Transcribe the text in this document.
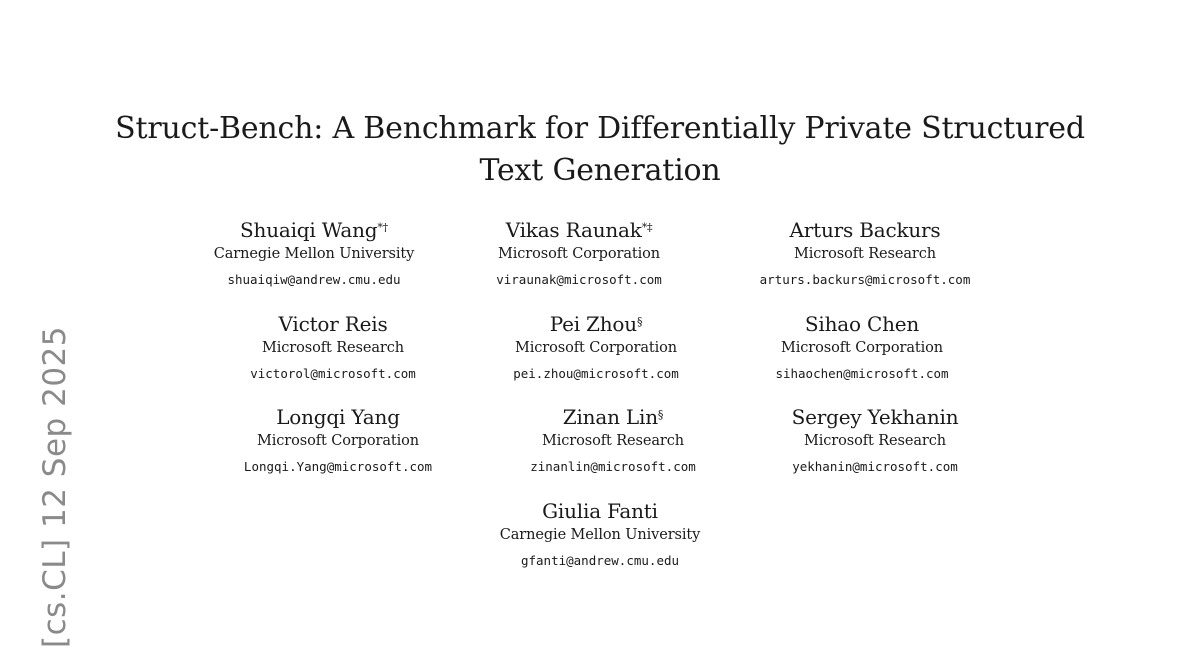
Struct-Bench: A Benchmark for Differentially Private Structured
Text Generation
Shuaiqi Wang*†
Carnegie Mellon University
shuaiqiw@andrew.cmu.edu
Vikas Raunak*‡
Microsoft Corporation
viraunak@microsoft.com
Arturs Backurs
Microsoft Research
arturs.backurs@microsoft.com
Victor Reis
Microsoft Research
victorol@microsoft.com
Pei Zhou§
Microsoft Corporation
pei.zhou@microsoft.com
Sihao Chen
Microsoft Corporation
sihaochen@microsoft.com
Longqi Yang
Microsoft Corporation
Longqi.Yang@microsoft.com
Zinan Lin§
Microsoft Research
zinanlin@microsoft.com
Sergey Yekhanin
Microsoft Research
yekhanin@microsoft.com
Giulia Fanti
Carnegie Mellon University
gfanti@andrew.cmu.edu
[cs.CL] 12 Sep 2025
